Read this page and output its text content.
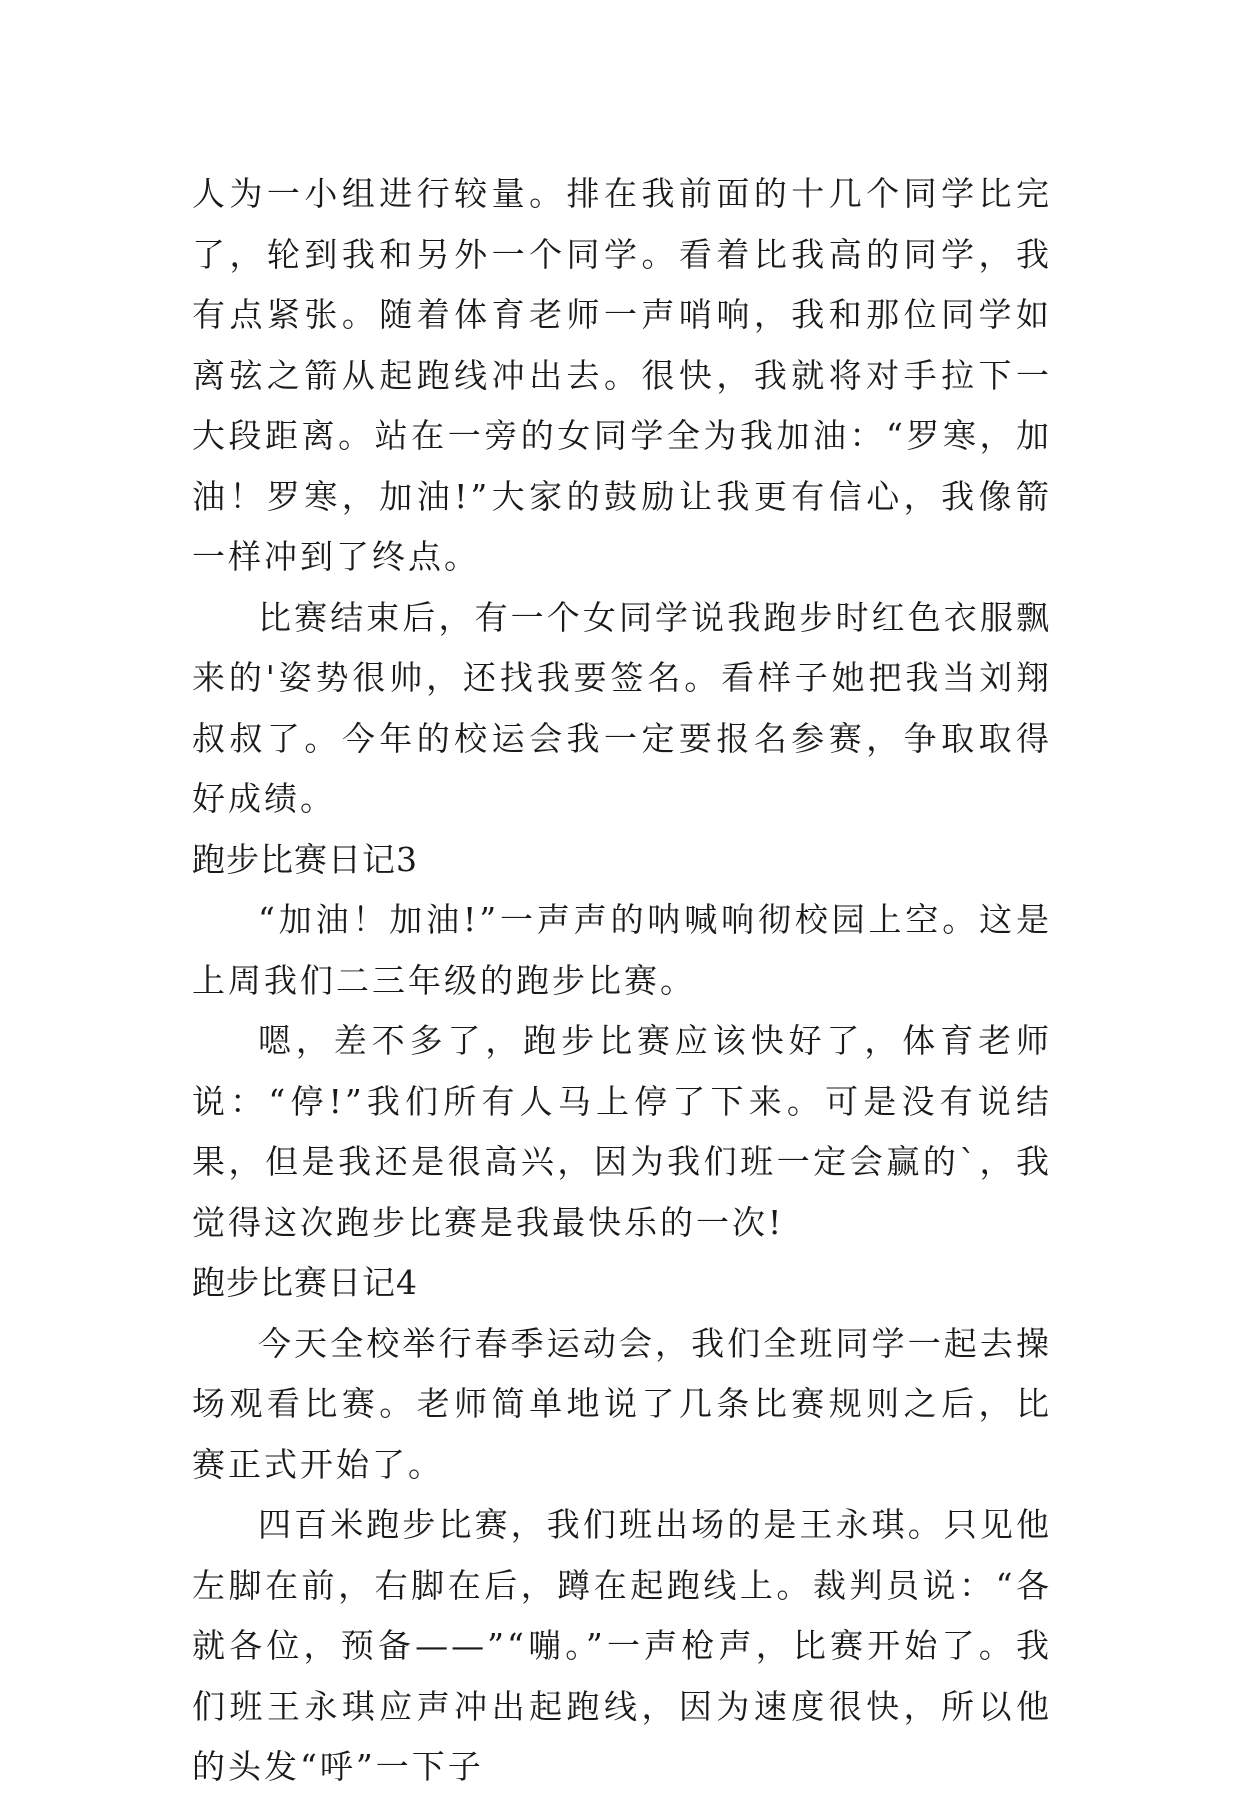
人为一小组进行较量。排在我前面的十几个同学比完了，轮到我和另外一个同学。看着比我高的同学，我有点紧张。随着体育老师一声哨响，我和那位同学如离弦之箭从起跑线冲出去。很快，我就将对手拉下一大段距离。站在一旁的女同学全为我加油：“罗寒，加油！罗寒，加油!”大家的鼓励让我更有信心，我像箭一样冲到了终点。

比赛结束后，有一个女同学说我跑步时红色衣服飘来的'姿势很帅，还找我要签名。看样子她把我当刘翔叔叔了。今年的校运会我一定要报名参赛，争取取得好成绩。

跑步比赛日记3

“加油！加油!”一声声的呐喊响彻校园上空。这是上周我们二三年级的跑步比赛。

嗯，差不多了，跑步比赛应该快好了，体育老师说：“停!”我们所有人马上停了下来。可是没有说结果，但是我还是很高兴，因为我们班一定会赢的`，我觉得这次跑步比赛是我最快乐的一次!

跑步比赛日记4

今天全校举行春季运动会，我们全班同学一起去操场观看比赛。老师简单地说了几条比赛规则之后，比赛正式开始了。

四百米跑步比赛，我们班出场的是王永琪。只见他左脚在前，右脚在后，蹲在起跑线上。裁判员说：“各就各位，预备——”“嘣。”一声枪声，比赛开始了。我们班王永琪应声冲出起跑线，因为速度很快，所以他的头发“呼”一下子
